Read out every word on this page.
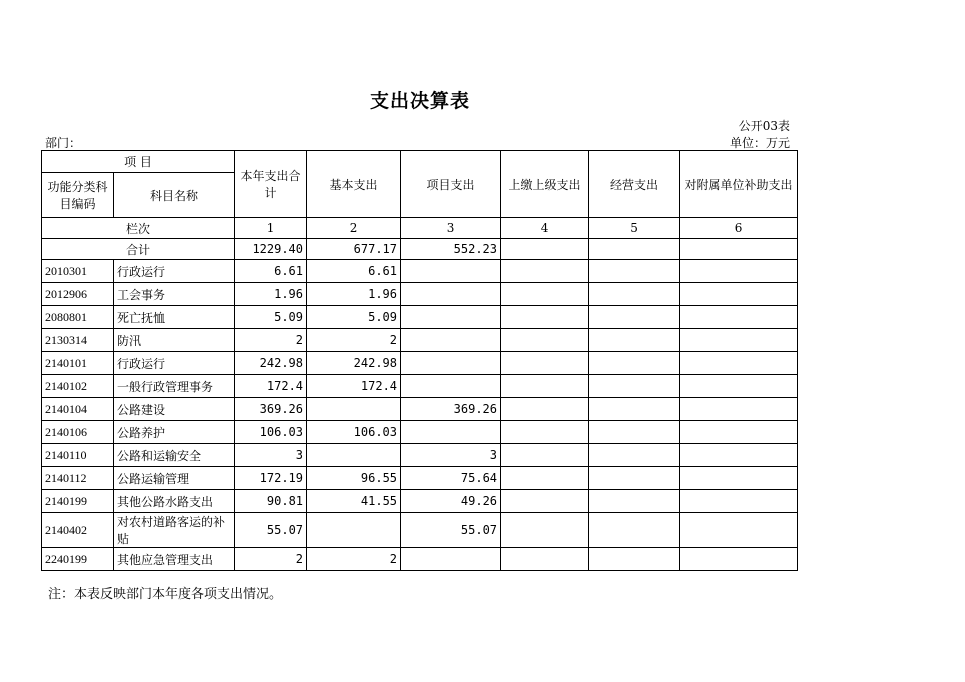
支出决算表
公开03表
部门：	单位：万元
项 目		本年支出合计	基本支出	项目支出	上缴上级支出	经营支出	对附属单位补助支出
功能分类科目编码	科目名称						
栏次		1	2	3	4	5	6
合计		1229.40	677.17	552.23			
2010301	行政运行	6.61	6.61				
2012906	工会事务	1.96	1.96				
2080801	死亡抚恤	5.09	5.09				
2130314	防汛	2	2				
2140101	行政运行	242.98	242.98				
2140102	一般行政管理事务	172.4	172.4				
2140104	公路建设	369.26		369.26			
2140106	公路养护	106.03	106.03				
2140110	公路和运输安全	3		3			
2140112	公路运输管理	172.19	96.55	75.64			
2140199	其他公路水路支出	90.81	41.55	49.26			
2140402	对农村道路客运的补贴	55.07		55.07			
2240199	其他应急管理支出	2	2				
注：本表反映部门本年度各项支出情况。
